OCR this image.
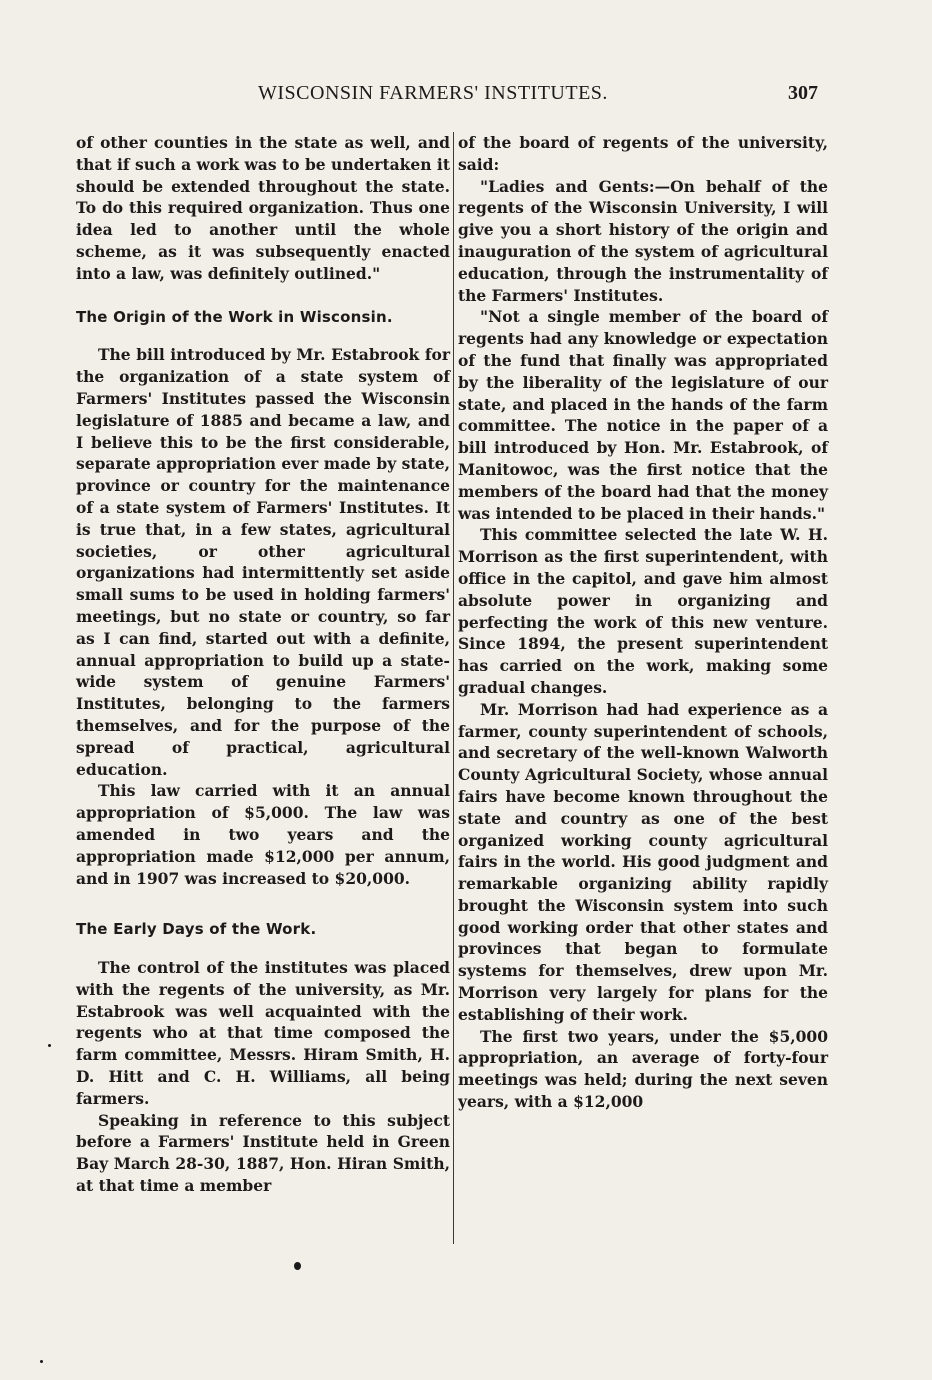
WISCONSIN FARMERS' INSTITUTES.	307

of other counties in the state as well, and that if such a work was to be undertaken it should be extended throughout the state. To do this required organization. Thus one idea led to another until the whole scheme, as it was subsequently enacted into a law, was definitely outlined."

The Origin of the Work in Wisconsin.

The bill introduced by Mr. Estabrook for the organization of a state system of Farmers' Institutes passed the Wisconsin legislature of 1885 and became a law, and I believe this to be the first considerable, separate appropriation ever made by state, province or country for the maintenance of a state system of Farmers' Institutes. It is true that, in a few states, agricultural societies, or other agricultural organizations had intermittently set aside small sums to be used in holding farmers' meetings, but no state or country, so far as I can find, started out with a definite, annual appropriation to build up a state-wide system of genuine Farmers' Institutes, belonging to the farmers themselves, and for the purpose of the spread of practical, agricultural education.

This law carried with it an annual appropriation of $5,000. The law was amended in two years and the appropriation made $12,000 per annum, and in 1907 was increased to $20,000.

The Early Days of the Work.

The control of the institutes was placed with the regents of the university, as Mr. Estabrook was well acquainted with the regents who at that time composed the farm committee, Messrs. Hiram Smith, H. D. Hitt and C. H. Williams, all being farmers.

Speaking in reference to this subject before a Farmers' Institute held in Green Bay March 28-30, 1887, Hon. Hiran Smith, at that time a member

of the board of regents of the university, said:

"Ladies and Gents:—On behalf of the regents of the Wisconsin University, I will give you a short history of the origin and inauguration of the system of agricultural education, through the instrumentality of the Farmers' Institutes.

"Not a single member of the board of regents had any knowledge or expectation of the fund that finally was appropriated by the liberality of the legislature of our state, and placed in the hands of the farm committee. The notice in the paper of a bill introduced by Hon. Mr. Estabrook, of Manitowoc, was the first notice that the members of the board had that the money was intended to be placed in their hands."

This committee selected the late W. H. Morrison as the first superintendent, with office in the capitol, and gave him almost absolute power in organizing and perfecting the work of this new venture. Since 1894, the present superintendent has carried on the work, making some gradual changes.

Mr. Morrison had had experience as a farmer, county superintendent of schools, and secretary of the well-known Walworth County Agricultural Society, whose annual fairs have become known throughout the state and country as one of the best organized working county agricultural fairs in the world. His good judgment and remarkable organizing ability rapidly brought the Wisconsin system into such good working order that other states and provinces that began to formulate systems for themselves, drew upon Mr. Morrison very largely for plans for the establishing of their work.

The first two years, under the $5,000 appropriation, an average of forty-four meetings was held; during the next seven years, with a $12,000
